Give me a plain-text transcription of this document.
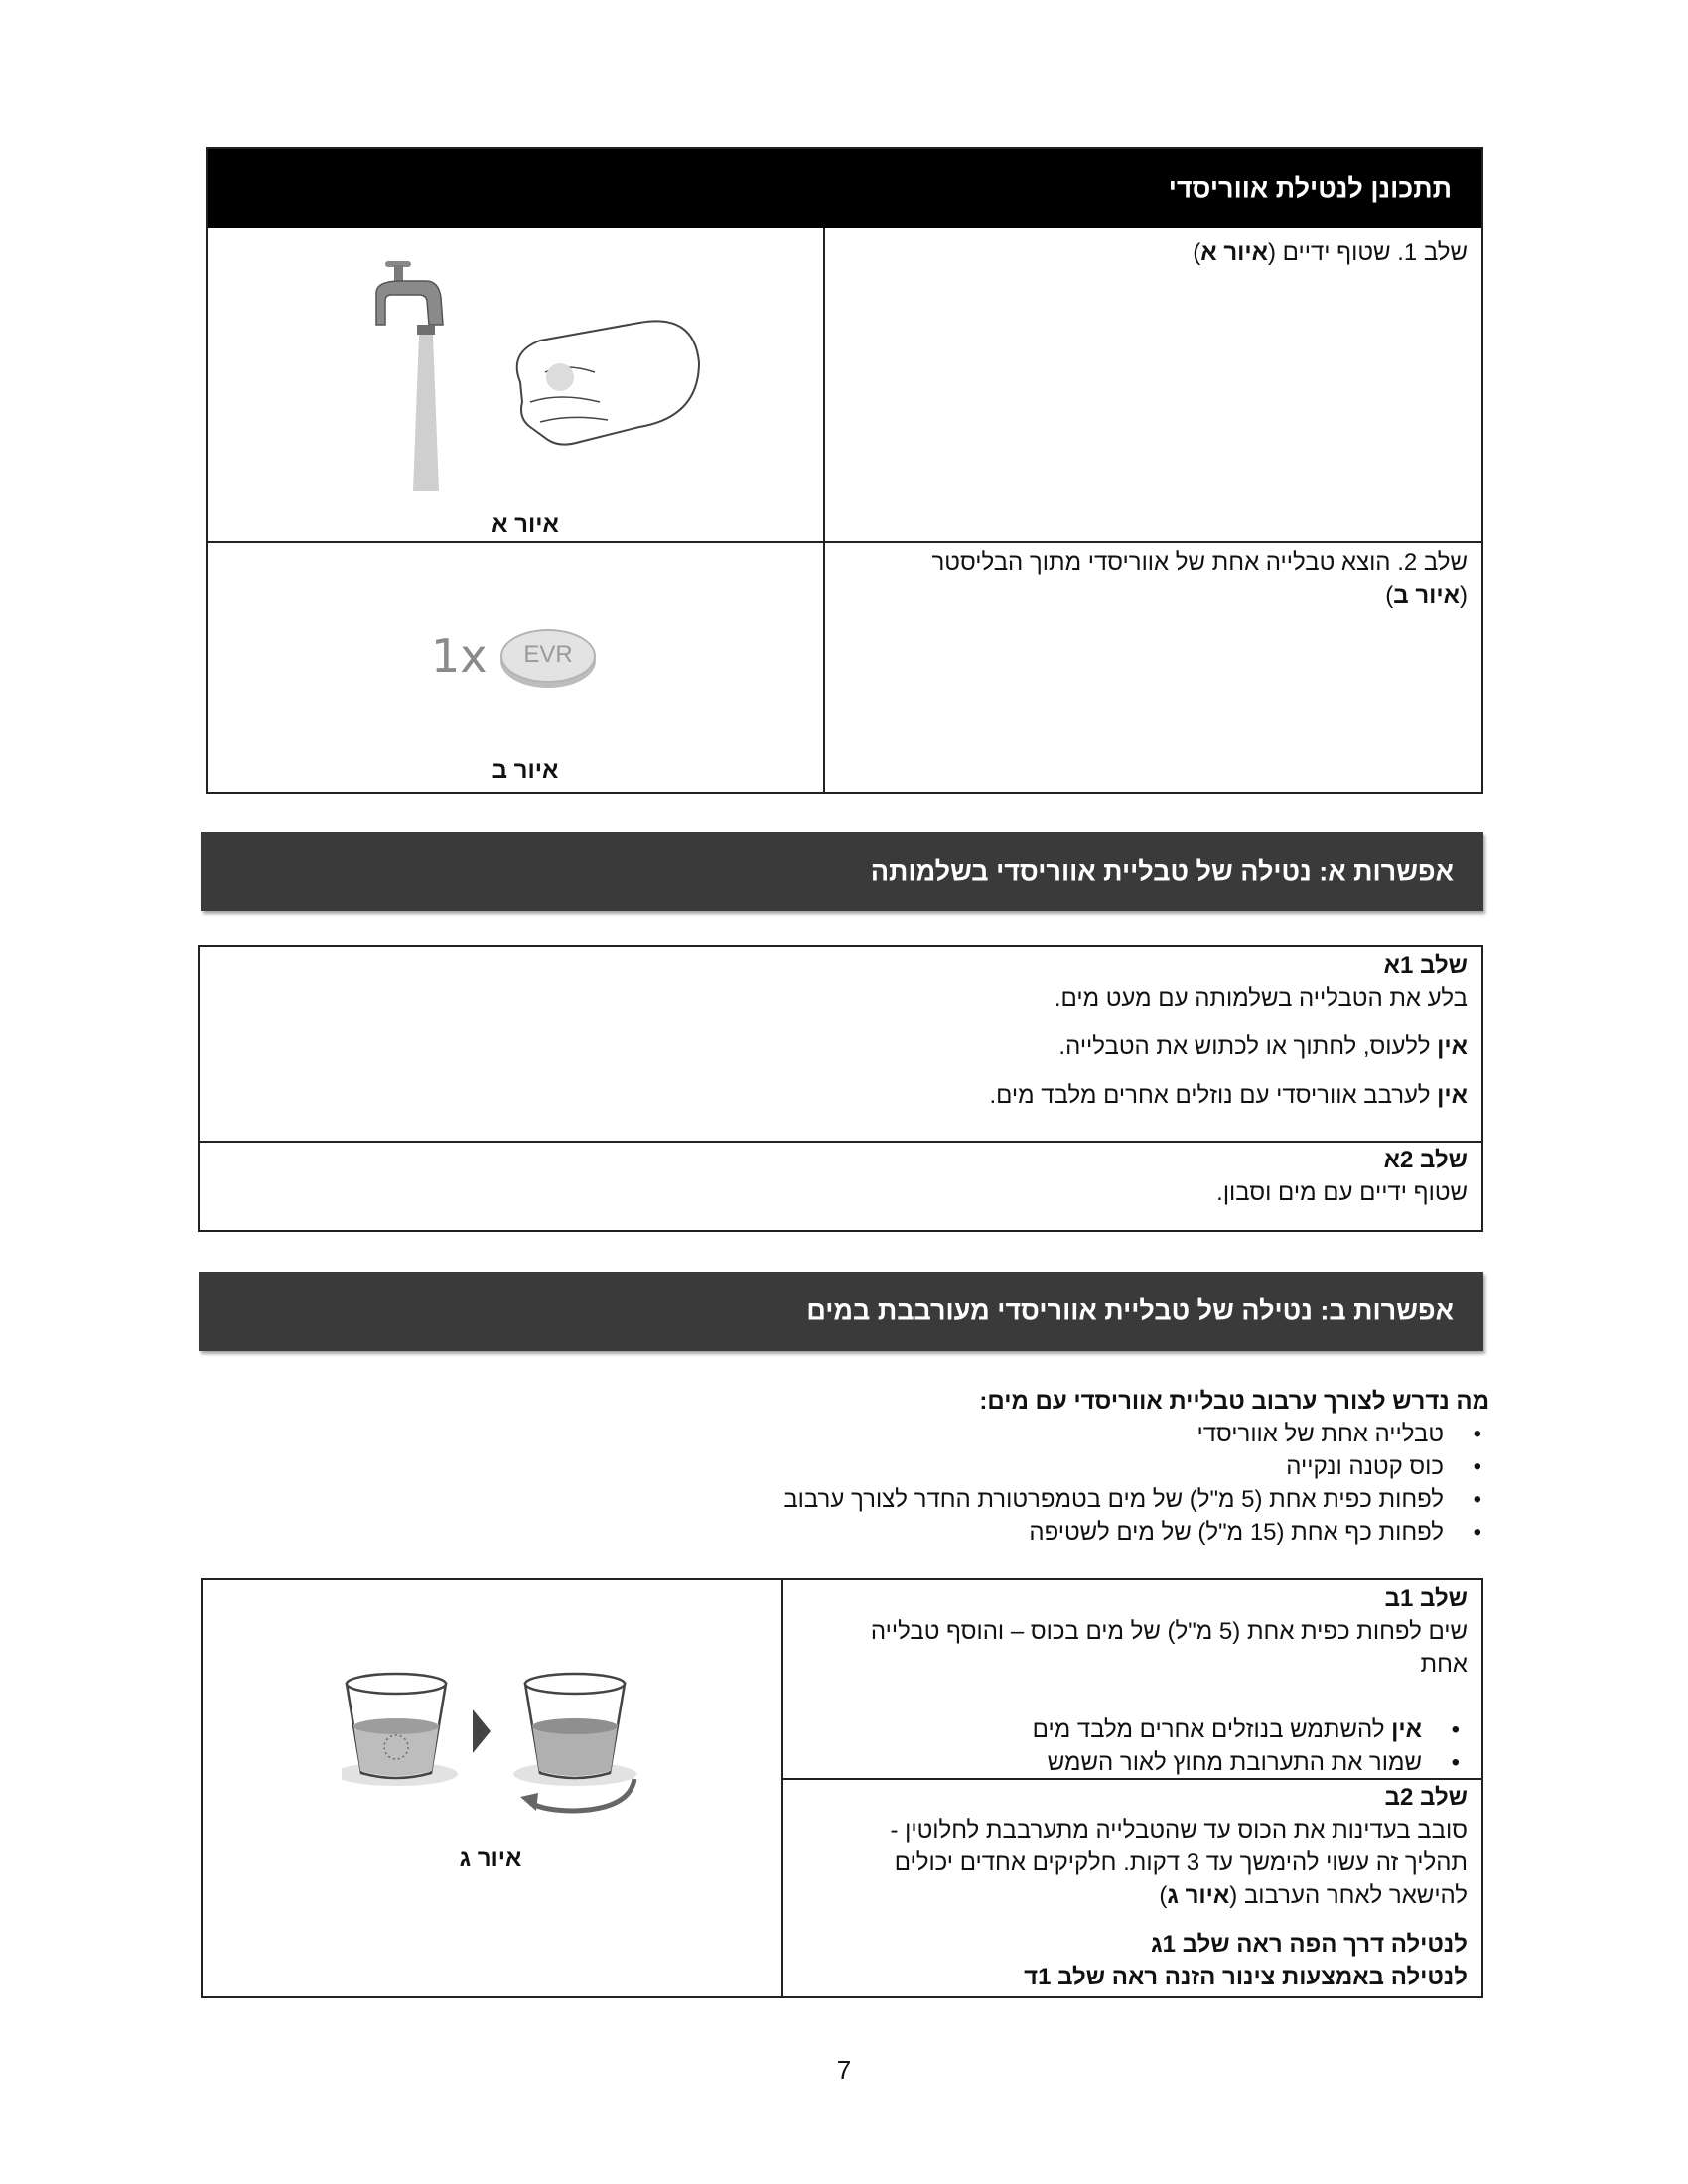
תתכונן לנטילת אווריסדי
שלב 1. שטוף ידיים (איור א)
איור א
שלב 2. הוצא טבלייה אחת של אווריסדי מתוך הבליסטר
(איור ב)
1x	EVR
איור ב
אפשרות א: נטילה של טבליית אווריסדי בשלמותה
שלב 1א
בלע את הטבלייה בשלמותה עם מעט מים.
אין ללעוס, לחתוך או לכתוש את הטבלייה.
אין לערבב אווריסדי עם נוזלים אחרים מלבד מים.
שלב 2א
שטוף ידיים עם מים וסבון.
אפשרות ב: נטילה של טבליית אווריסדי מעורבבת במים
מה נדרש לצורך ערבוב טבליית אווריסדי עם מים:
• טבלייה אחת של אווריסדי
• כוס קטנה ונקייה
• לפחות כפית אחת (5 מ"ל) של מים בטמפרטורת החדר לצורך ערבוב
• לפחות כף אחת (15 מ"ל) של מים לשטיפה
שלב 1ב
שים לפחות כפית אחת (5 מ"ל) של מים בכוס – והוסף טבלייה
אחת
• אין להשתמש בנוזלים אחרים מלבד מים
• שמור את התערובת מחוץ לאור השמש
שלב 2ב
סובב בעדינות את הכוס עד שהטבלייה מתערבבת לחלוטין -
תהליך זה עשוי להימשך עד 3 דקות. חלקיקים אחדים יכולים
להישאר לאחר הערבוב (איור ג)
לנטילה דרך הפה ראה שלב 1ג
לנטילה באמצעות צינור הזנה ראה שלב 1ד
איור ג
7
